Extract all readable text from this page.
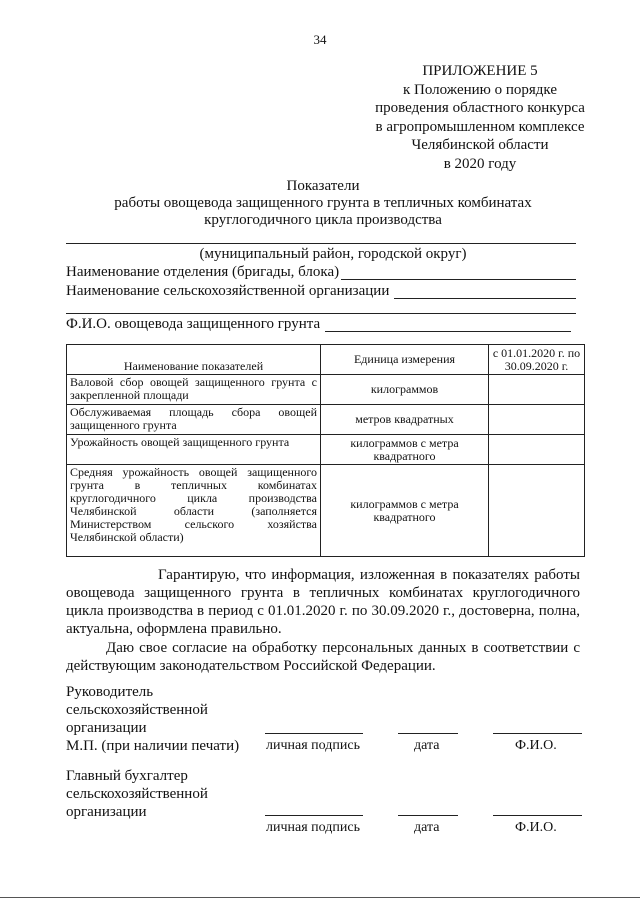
34
ПРИЛОЖЕНИЕ 5
к Положению о порядке
проведения областного конкурса
в агропромышленном комплексе
Челябинской области
в 2020 году
Показатели
работы овощевода защищенного грунта в тепличных комбинатах
круглогодичного цикла производства
(муниципальный район, городской округ)
Наименование отделения (бригады, блока)
Наименование сельскохозяйственной организации
Ф.И.О. овощевода защищенного грунта
Наименование показателей	Единица измерения	с 01.01.2020 г. по 30.09.2020 г.
Валовой сбор овощей защищенного грунта с закрепленной площади	килограммов	
Обслуживаемая площадь сбора овощей защищенного грунта	метров квадратных	
Урожайность овощей защищенного грунта	килограммов с метра квадратного	
Средняя урожайность овощей защищенного грунта в тепличных комбинатах круглогодичного цикла производства Челябинской области (заполняется Министерством сельского хозяйства Челябинской области)	килограммов с метра квадратного	
Гарантирую, что информация, изложенная в показателях работы овощевода защищенного грунта в тепличных комбинатах круглогодичного цикла производства в период с 01.01.2020 г. по 30.09.2020 г., достоверна, полна, актуальна, оформлена правильно.
Даю свое согласие на обработку персональных данных в соответствии с действующим законодательством Российской Федерации.
Руководитель
сельскохозяйственной
организации
М.П. (при наличии печати) личная подпись	дата	Ф.И.О.
Главный бухгалтер
сельскохозяйственной
организации
личная подпись	дата	Ф.И.О.
